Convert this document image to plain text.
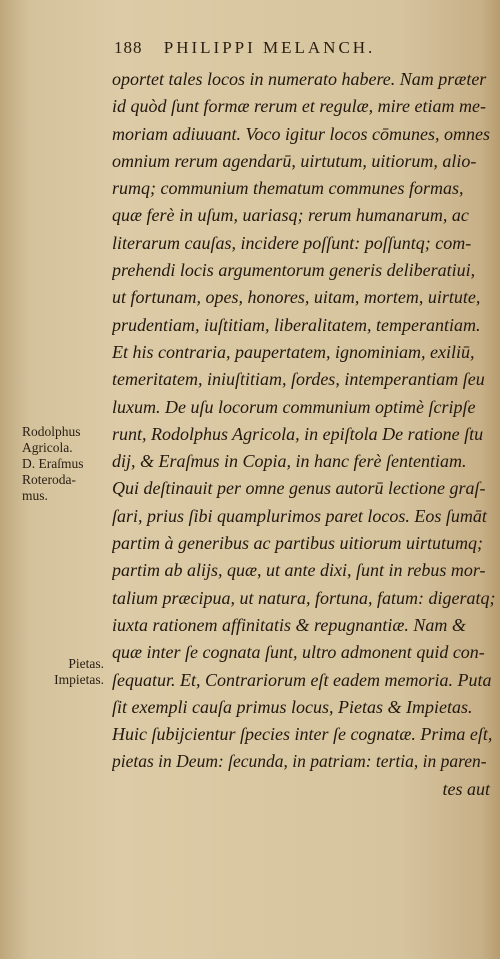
188 PHILIPPI MELANCH.
oportet tales locos in numerato habere. Nam præter
id quòd ſunt formæ rerum et regulæ, mire etiam me-
moriam adiuuant. Voco igitur locos cōmunes, omnes
omnium rerum agendarū, uirtutum, uitiorum, alio-
rumq; communium thematum communes formas,
quæ ferè in uſum, uariasq; rerum humanarum, ac
literarum cauſas, incidere poſſunt: poſſuntq; com-
prehendi locis argumentorum generis deliberatiui,
ut fortunam, opes, honores, uitam, mortem, uirtute,
prudentiam, iuſtitiam, liberalitatem, temperantiam.
Et his contraria, paupertatem, ignominiam, exiliū,
temeritatem, iniuſtitiam, ſordes, intemperantiam ſeu
luxum. De uſu locorum communium optimè ſcripſe
runt, Rodolphus Agricola, in epiſtola De ratione ſtu
dij, & Eraſmus in Copia, in hanc ferè ſententiam.
Qui deſtinauit per omne genus autorū lectione graſ-
ſari, prius ſibi quamplurimos paret locos. Eos ſumāt
partim à generibus ac partibus uitiorum uirtutumq;
partim ab alijs, quæ, ut ante dixi, ſunt in rebus mor-
talium præcipua, ut natura, fortuna, fatum: digeratq;
iuxta rationem affinitatis & repugnantiæ. Nam &
quæ inter ſe cognata ſunt, ultro admonent quid con-
ſequatur. Et, Contrariorum eſt eadem memoria. Puta
ſit exempli cauſa primus locus, Pietas & Impietas.
Huic ſubijcientur ſpecies inter ſe cognatæ. Prima eſt,
pietas in Deum: ſecunda, in patriam: tertia, in paren-
tes aut
Rodolphus
Agricola.
D. Eraſmus
Roteroda-
mus.
Pietas.
Impietas.
